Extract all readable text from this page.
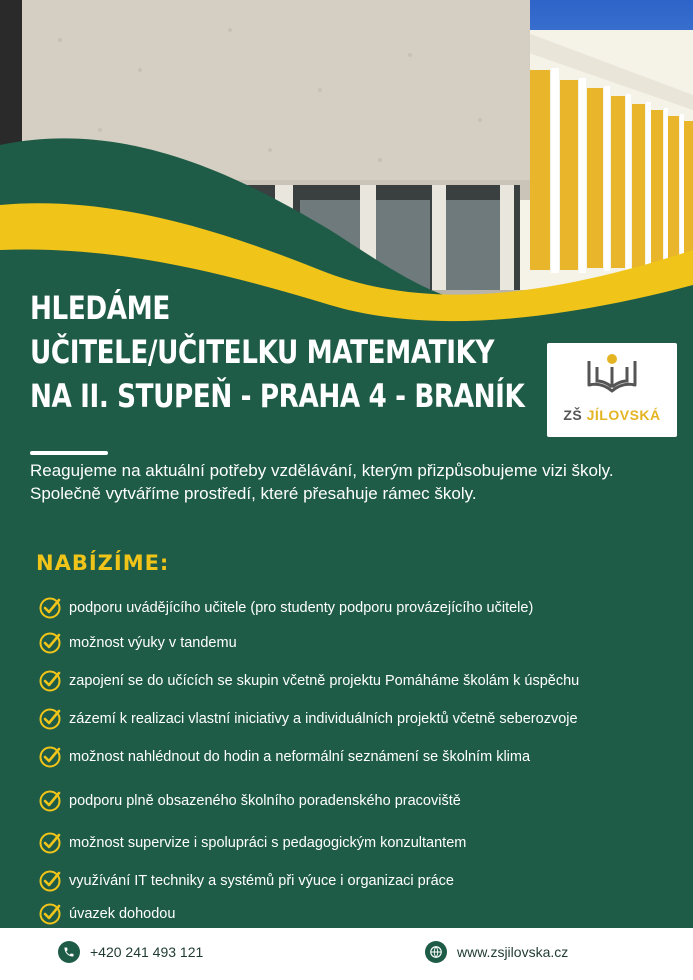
HLEDÁME
UČITELE/UČITELKU MATEMATIKY
NA II. STUPEŇ - PRAHA 4 - BRANÍK	ZŠ JÍLOVSKÁ
Reagujeme na aktuální potřeby vzdělávání, kterým přizpůsobujeme vizi školy. Společně vytváříme prostředí, které přesahuje rámec školy.
NABÍZÍME:
podporu uvádějícího učitele (pro studenty podporu provázejícího učitele)
možnost výuky v tandemu
zapojení se do učících se skupin včetně projektu Pomáháme školám k úspěchu
zázemí k realizaci vlastní iniciativy a individuálních projektů včetně seberozvoje
možnost nahlédnout do hodin a neformální seznámení se školním klima
podporu plně obsazeného školního poradenského pracoviště
možnost supervize i spolupráci s pedagogickým konzultantem
využívání IT techniky a systémů při výuce i organizaci práce
úvazek dohodou
+420 241 493 121	www.zsjilovska.cz
